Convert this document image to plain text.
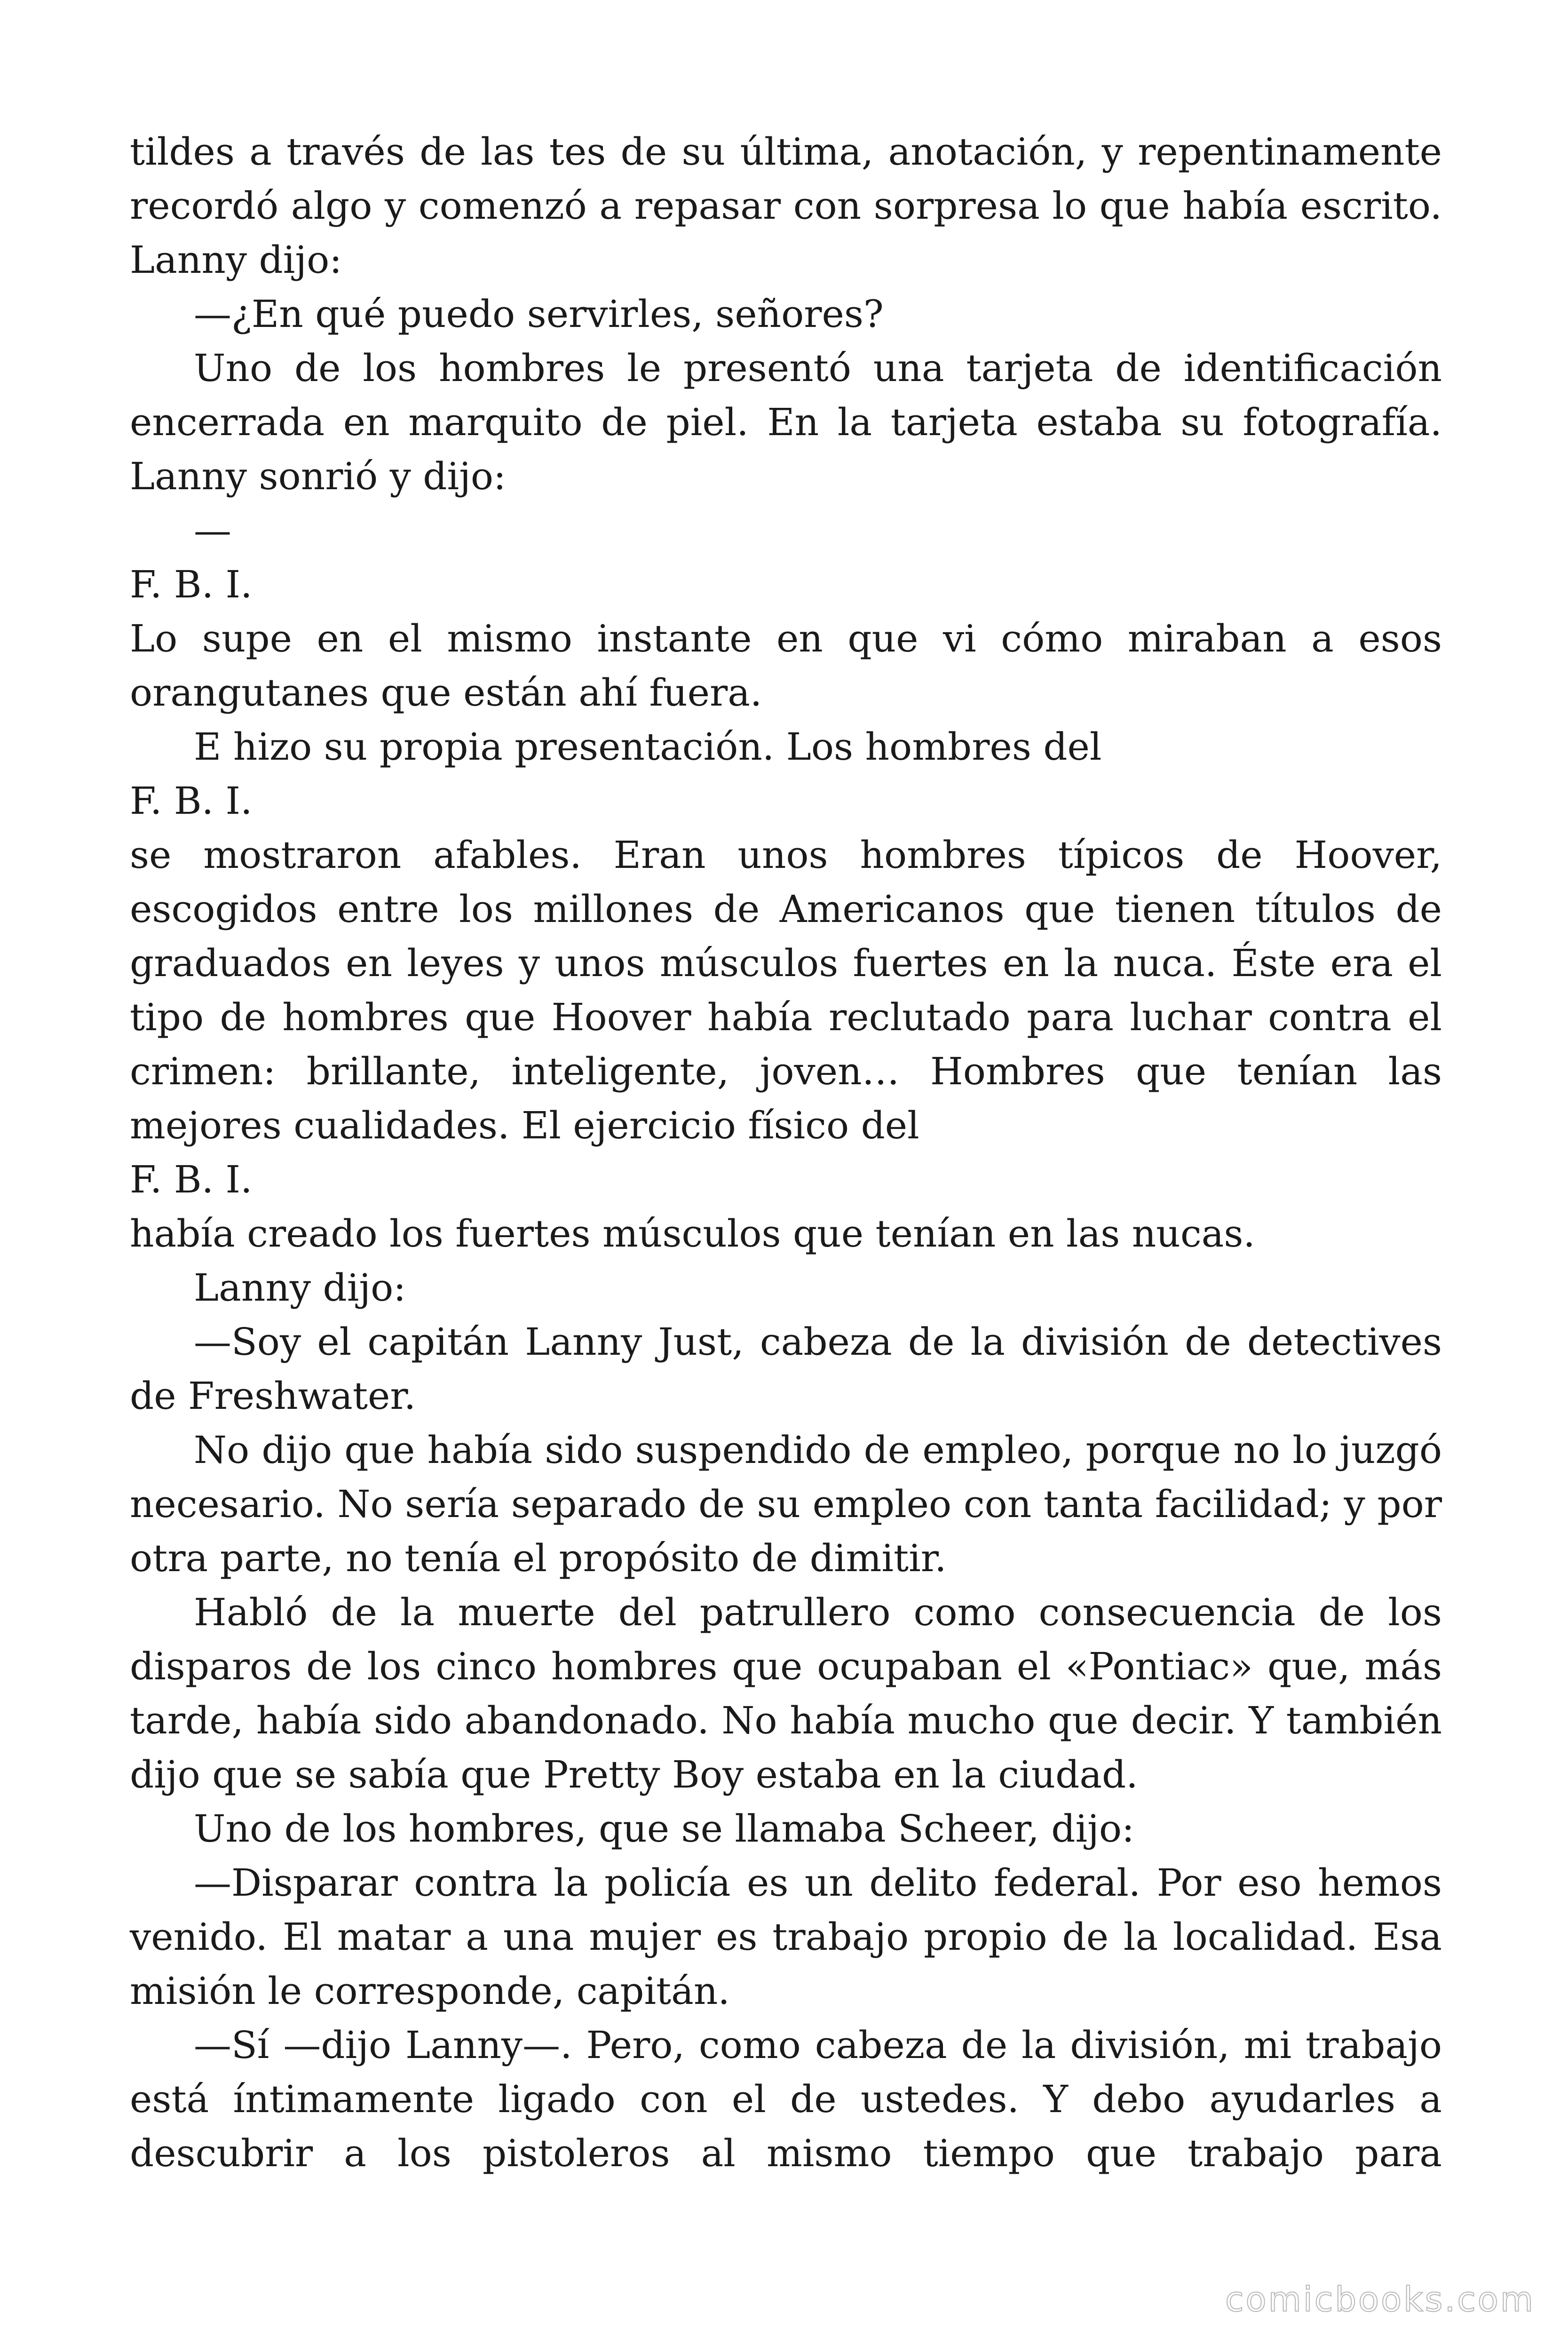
tildes a través de las tes de su última, anotación, y repentinamente recordó algo y comenzó a repasar con sorpresa lo que había escrito. Lanny dijo:

—¿En qué puedo servirles, señores?

Uno de los hombres le presentó una tarjeta de identificación encerrada en marquito de piel. En la tarjeta estaba su fotografía. Lanny sonrió y dijo:

—

F. B. I.

Lo supe en el mismo instante en que vi cómo miraban a esos orangutanes que están ahí fuera.

E hizo su propia presentación. Los hombres del

F. B. I.

se mostraron afables. Eran unos hombres típicos de Hoover, escogidos entre los millones de Americanos que tienen títulos de graduados en leyes y unos músculos fuertes en la nuca. Éste era el tipo de hombres que Hoover había reclutado para luchar contra el crimen: brillante, inteligente, joven… Hombres que tenían las mejores cualidades. El ejercicio físico del

F. B. I.

había creado los fuertes músculos que tenían en las nucas.

Lanny dijo:

—Soy el capitán Lanny Just, cabeza de la división de detectives de Freshwater.

No dijo que había sido suspendido de empleo, porque no lo juzgó necesario. No sería separado de su empleo con tanta facilidad; y por otra parte, no tenía el propósito de dimitir.

Habló de la muerte del patrullero como consecuencia de los disparos de los cinco hombres que ocupaban el «Pontiac» que, más tarde, había sido abandonado. No había mucho que decir. Y también dijo que se sabía que Pretty Boy estaba en la ciudad.

Uno de los hombres, que se llamaba Scheer, dijo:

—Disparar contra la policía es un delito federal. Por eso hemos venido. El matar a una mujer es trabajo propio de la localidad. Esa misión le corresponde, capitán.

—Sí —dijo Lanny—. Pero, como cabeza de la división, mi trabajo está íntimamente ligado con el de ustedes. Y debo ayudarles a descubrir a los pistoleros al mismo tiempo que trabajo para

comicbooks.com
